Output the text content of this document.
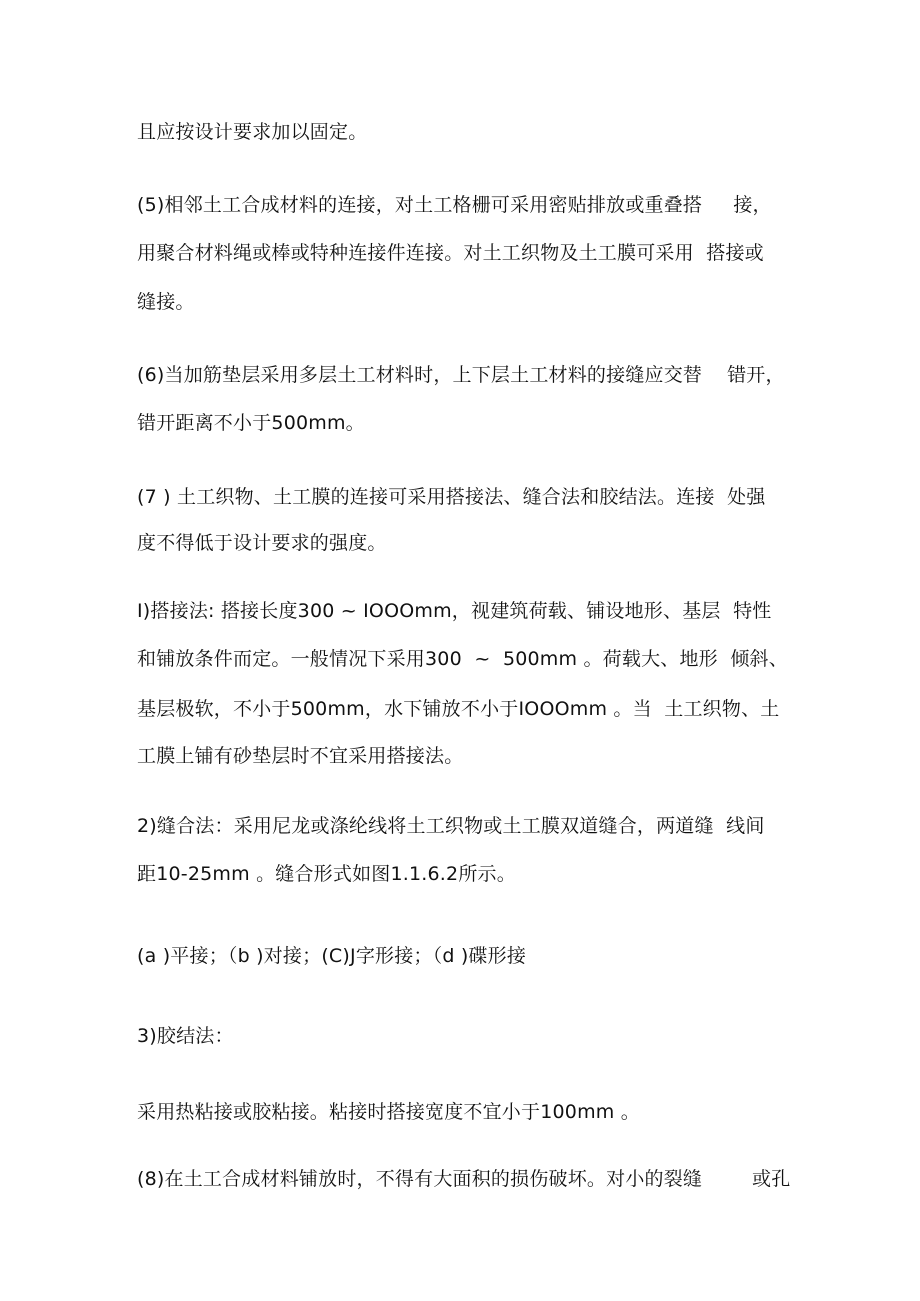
且应按设计要求加以固定。
(5)相邻土工合成材料的连接，对土工格栅可采用密贴排放或重叠搭     接，
用聚合材料绳或棒或特种连接件连接。对土工织物及土工膜可采用  搭接或
缝接。
(6)当加筋垫层采用多层土工材料时，上下层土工材料的接缝应交替    错开，
错开距离不小于500mm。
(7 ) 土工织物、土工膜的连接可采用搭接法、缝合法和胶结法。连接  处强
度不得低于设计要求的强度。
I)搭接法: 搭接长度300 ~ IOOOmm，视建筑荷载、铺设地形、基层  特性
和铺放条件而定。一般情况下采用300  ~  500mm 。荷载大、地形  倾斜、
基层极软，不小于500mm，水下铺放不小于IOOOmm 。当  土工织物、土
工膜上铺有砂垫层时不宜采用搭接法。
2)缝合法：采用尼龙或涤纶线将土工织物或土工膜双道缝合，两道缝  线间
距10-25mm 。缝合形式如图1.1.6.2所示。
(a )平接；（b )对接；(C)J字形接；（d )碟形接
3)胶结法：
采用热粘接或胶粘接。粘接时搭接宽度不宜小于100mm 。
(8)在土工合成材料铺放时，不得有大面积的损伤破坏。对小的裂缝        或孔
